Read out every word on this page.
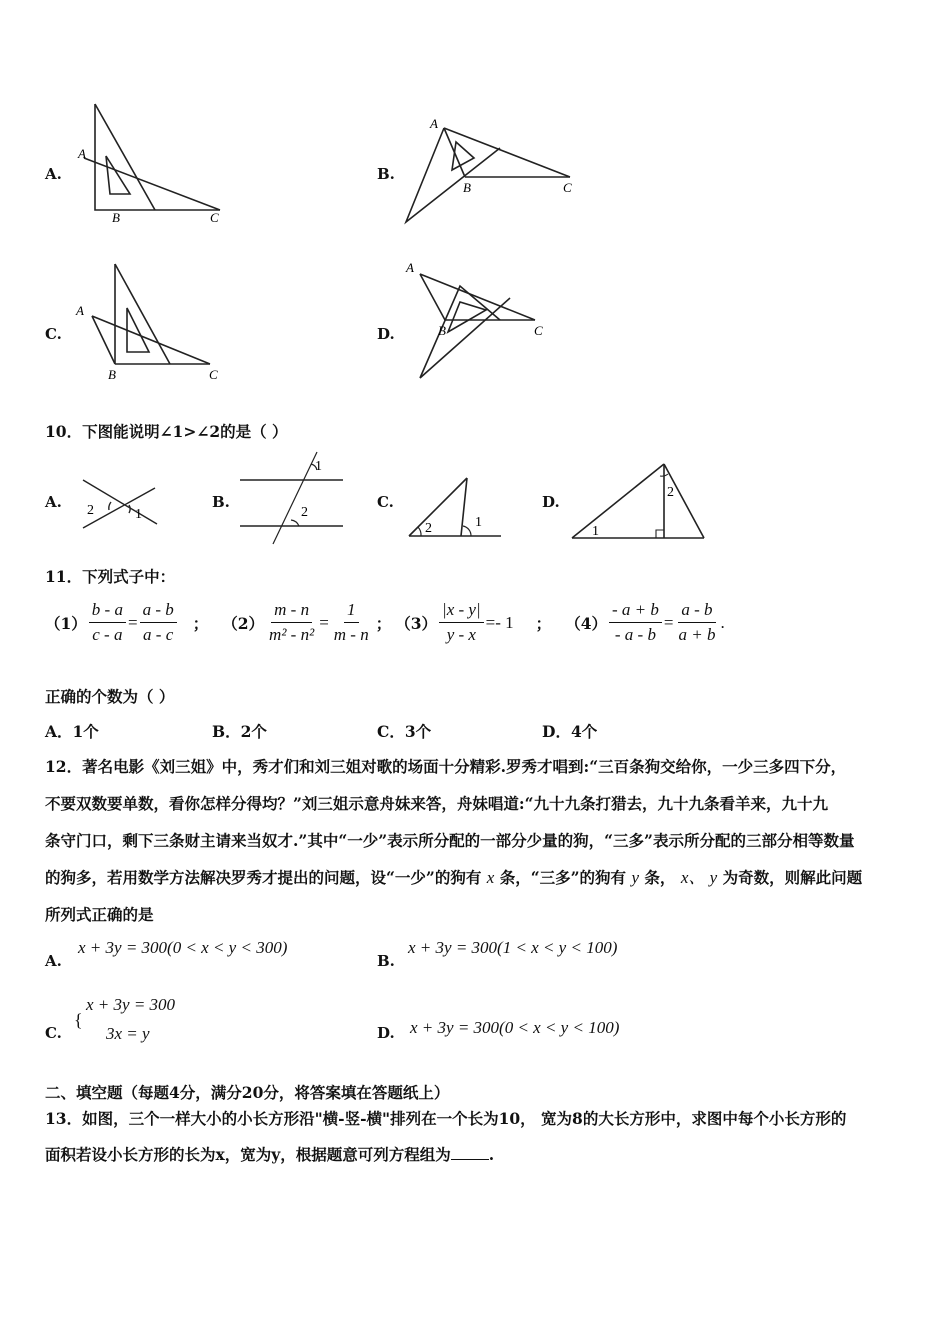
A.
A
B	C
B.
A
B	C
C.
A
B	C
D.
A
B	C
10．下图能说明∠1>∠2的是（ ）
A. 2	1
B.
1
2
C.
2	1
D.
1
2
11．下列式子中：
$(1) \frac{b - a}{c - a} = \frac{a - b}{a - c}$ ； $(2) \frac{m - n}{\text{m² - n²}} = \frac{1}{m - n}$ ； $(3) \frac{|x - y|}{y - x}$ = - 1 ； $(4) \frac{- a + b}{- a - b} = \frac{a - b}{a + b}$ .
正确的个数为（ ）
A．1个	B．2个	C．3个	D．4个
12．著名电影《刘三姐》中，秀才们和刘三姐对歌的场面十分精彩.罗秀才唱到:“三百条狗交给你，一少三多四下分，
不要双数要单数，看你怎样分得均？”刘三姐示意舟妹来答，舟妹唱道:“九十九条打猎去，九十九条看羊来，九十九
条守门口，剩下三条财主请来当奴才.”其中“一少”表示所分配的一部分少量的狗，“三多”表示所分配的三部分相等数量
的狗多，若用数学方法解决罗秀才提出的问题，设“一少”的狗有 x 条，“三多”的狗有 y 条， x、 y 为奇数，则解此问题
所列式正确的是
A.
x + 3y = 300(0 < x < y < 300)
B.
x + 3y = 300(1 < x < y < 100)
C.
{
x + 3y = 300
3x = y	D. x + 3y = 300(0 < x < y < 100)
二、填空题（每题4分，满分20分，将答案填在答题纸上）
13．如图，三个一样大小的小长方形沿"横-竖-横"排列在一个长为10， 宽为8的大长方形中，求图中每个小长方形的
面积若设小长方形的长为x，宽为y，根据题意可列方程组为 .
